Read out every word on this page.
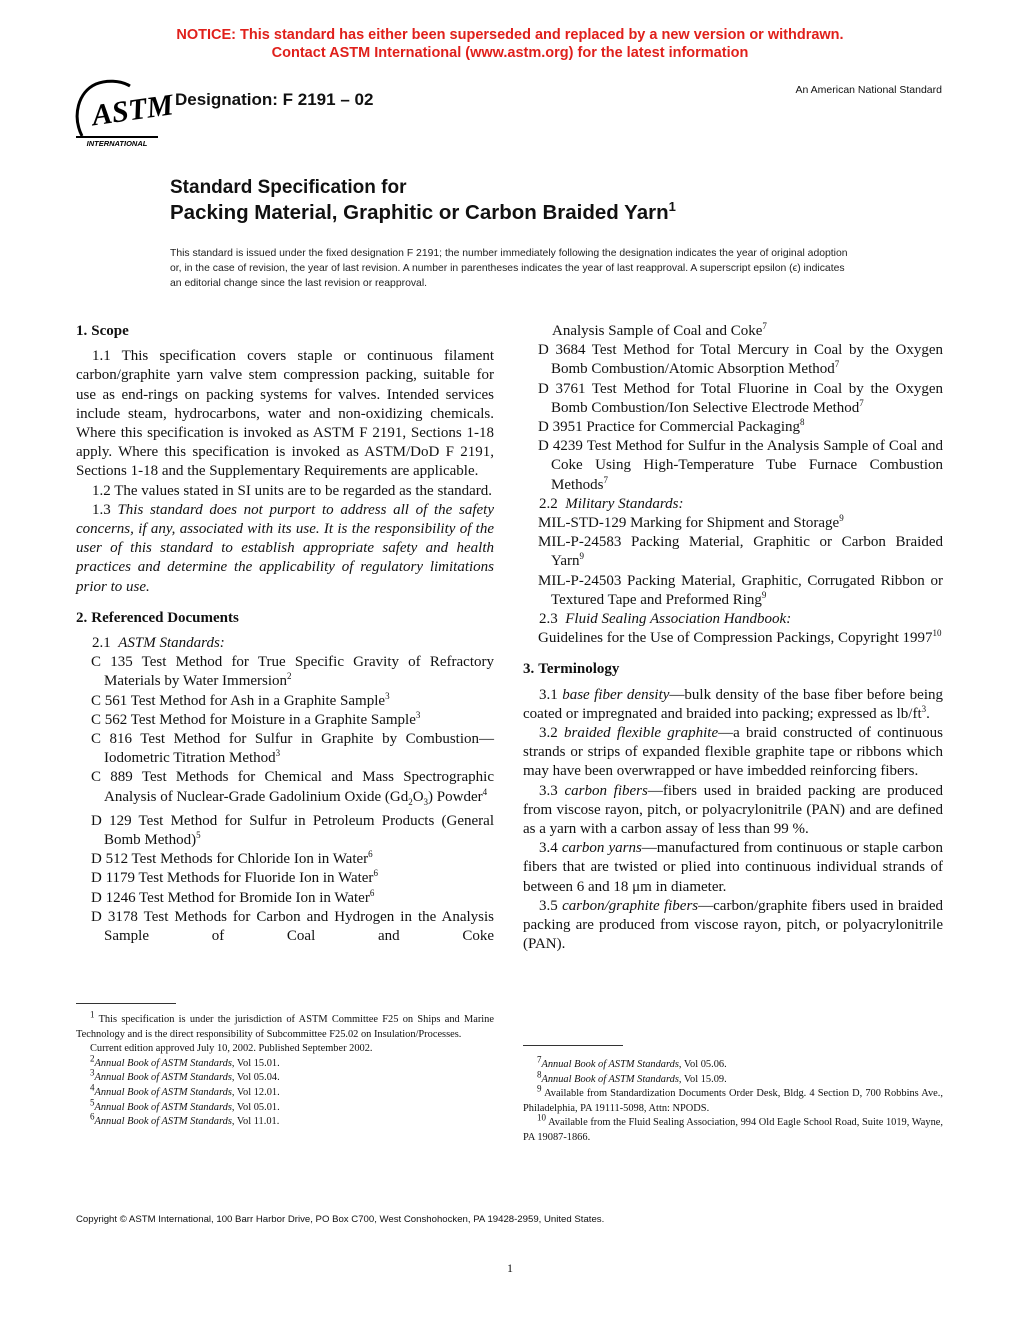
NOTICE: This standard has either been superseded and replaced by a new version or withdrawn.
Contact ASTM International (www.astm.org) for the latest information
ASTM
INTERNATIONAL
Designation: F 2191 – 02	An American National Standard
Standard Specification for
Packing Material, Graphitic or Carbon Braided Yarn$^1$
This standard is issued under the fixed designation F 2191; the number immediately following the designation indicates the year of original adoption or, in the case of revision, the year of last revision. A number in parentheses indicates the year of last reapproval. A superscript epsilon (ϵ) indicates an editorial change since the last revision or reapproval.
1. Scope

1.1 This specification covers staple or continuous filament carbon/graphite yarn valve stem compression packing, suitable for use as end-rings on packing systems for valves. Intended services include steam, hydrocarbons, water and non-oxidizing chemicals. Where this specification is invoked as ASTM F 2191, Sections 1-18 apply. Where this specification is invoked as ASTM/DoD F 2191, Sections 1-18 and the Supplementary Requirements are applicable.

1.2 The values stated in SI units are to be regarded as the standard.

1.3 This standard does not purport to address all of the safety concerns, if any, associated with its use. It is the responsibility of the user of this standard to establish appropriate safety and health practices and determine the applicability of regulatory limitations prior to use.

2. Referenced Documents

2.1 ASTM Standards:

C 135 Test Method for True Specific Gravity of Refractory Materials by Water Immersion$^2$

C 561 Test Method for Ash in a Graphite Sample$^3$

C 562 Test Method for Moisture in a Graphite Sample$^3$

C 816 Test Method for Sulfur in Graphite by Combustion—Iodometric Titration Method$^3$

C 889 Test Methods for Chemical and Mass Spectrographic Analysis of Nuclear-Grade Gadolinium Oxide $(Gd_2O_3)$ Powder$^4$

D 129 Test Method for Sulfur in Petroleum Products (General Bomb Method)$^5$

D 512 Test Methods for Chloride Ion in Water$^6$

D 1179 Test Methods for Fluoride Ion in Water$^6$

D 1246 Test Method for Bromide Ion in Water$^6$

D 3178 Test Methods for Carbon and Hydrogen in the Analysis Sample of Coal and Coke

Analysis Sample of Coal and Coke$^7$

D 3684 Test Method for Total Mercury in Coal by the Oxygen Bomb Combustion/Atomic Absorption Method$^7$

D 3761 Test Method for Total Fluorine in Coal by the Oxygen Bomb Combustion/Ion Selective Electrode Method$^7$

D 3951 Practice for Commercial Packaging$^8$

D 4239 Test Method for Sulfur in the Analysis Sample of Coal and Coke Using High-Temperature Tube Furnace Combustion Methods$^7$

2.2 Military Standards:

MIL-STD-129 Marking for Shipment and Storage$^9$

MIL-P-24583 Packing Material, Graphitic or Carbon Braided Yarn$^9$

MIL-P-24503 Packing Material, Graphitic, Corrugated Ribbon or Textured Tape and Preformed Ring$^9$

2.3 Fluid Sealing Association Handbook:

Guidelines for the Use of Compression Packings, Copyright 1997$^{10}$

3. Terminology

3.1 base fiber density—bulk density of the base fiber before being coated or impregnated and braided into packing; expressed as $lb/ft^3$.

3.2 braided flexible graphite—a braid constructed of continuous strands or strips of expanded flexible graphite tape or ribbons which may have been overwrapped or have imbedded reinforcing fibers.

3.3 carbon fibers—fibers used in braided packing are produced from viscose rayon, pitch, or polyacrylonitrile (PAN) and are defined as a yarn with a carbon assay of less than 99 %.

3.4 carbon yarns—manufactured from continuous or staple carbon fibers that are twisted or plied into continuous individual strands of between 6 and 18 μm in diameter.

3.5 carbon/graphite fibers—carbon/graphite fibers used in braided packing are produced from viscose rayon, pitch, or polyacrylonitrile (PAN).

$^1$ This specification is under the jurisdiction of ASTM Committee F25 on Ships and Marine Technology and is the direct responsibility of Subcommittee F25.02 on Insulation/Processes.

Current edition approved July 10, 2002. Published September 2002.

$^2$Annual Book of ASTM Standards, Vol 15.01.

$^3$Annual Book of ASTM Standards, Vol 05.04.

$^4$Annual Book of ASTM Standards, Vol 12.01.

$^5$Annual Book of ASTM Standards, Vol 05.01.

$^6$Annual Book of ASTM Standards, Vol 11.01.

$^7$Annual Book of ASTM Standards, Vol 05.06.

$^8$Annual Book of ASTM Standards, Vol 15.09.

$^9$ Available from Standardization Documents Order Desk, Bldg. 4 Section D, 700 Robbins Ave., Philadelphia, PA 19111-5098, Attn: NPODS.

$^{10}$ Available from the Fluid Sealing Association, 994 Old Eagle School Road, Suite 1019, Wayne, PA 19087-1866.

Copyright © ASTM International, 100 Barr Harbor Drive, PO Box C700, West Conshohocken, PA 19428-2959, United States.
1
